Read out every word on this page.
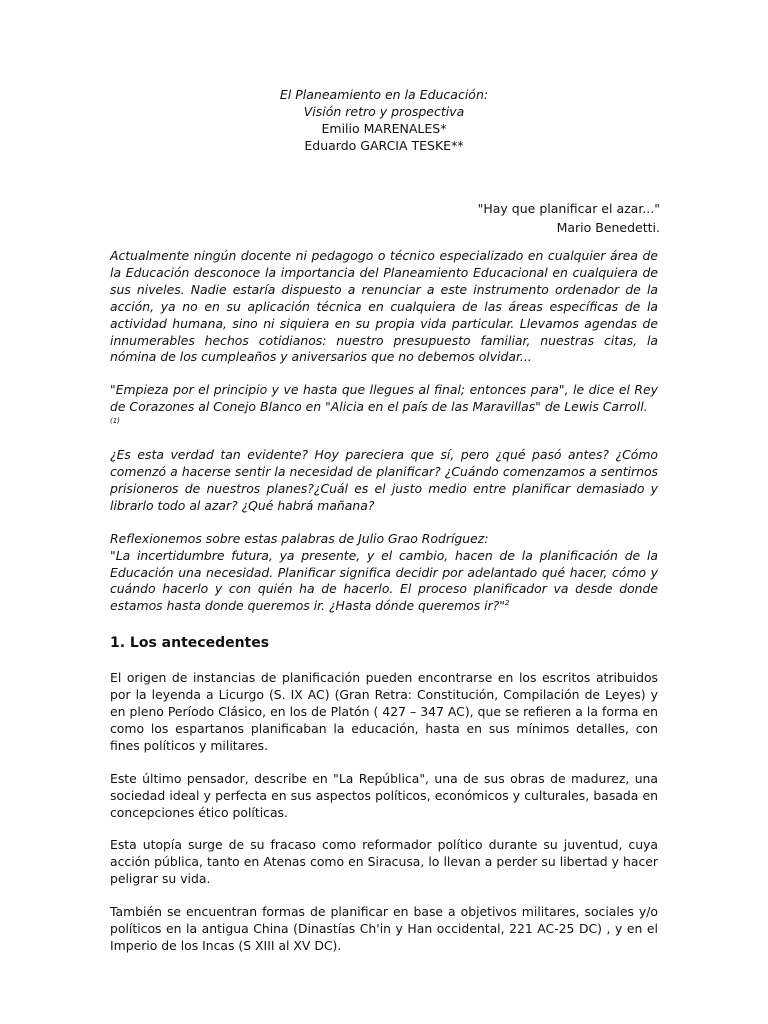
El Planeamiento en la Educación:
Visión retro y prospectiva
Emilio MARENALES*
Eduardo GARCIA TESKE**
"Hay que planificar el azar..."
Mario Benedetti.

Actualmente ningún docente ni pedagogo o técnico especializado en cualquier área de la Educación desconoce la importancia del Planeamiento Educacional en cualquiera de sus niveles. Nadie estaría dispuesto a renunciar a este instrumento ordenador de la acción, ya no en su aplicación técnica en cualquiera de las áreas específicas de la actividad humana, sino ni siquiera en su propia vida particular. Llevamos agendas de innumerables hechos cotidianos: nuestro presupuesto familiar, nuestras citas, la nómina de los cumpleaños y aniversarios que no debemos olvidar...

"Empieza por el principio y ve hasta que llegues al final; entonces para", le dice el Rey de Corazones al Conejo Blanco en "Alicia en el país de las Maravillas" de Lewis Carroll.
$^{(1)}$

¿Es esta verdad tan evidente? Hoy pareciera que sí, pero ¿qué pasó antes? ¿Cómo comenzó a hacerse sentir la necesidad de planificar? ¿Cuándo comenzamos a sentirnos prisioneros de nuestros planes?¿Cuál es el justo medio entre planificar demasiado y librarlo todo al azar? ¿Qué habrá mañana?

Reflexionemos sobre estas palabras de Julio Grao Rodríguez:

"La incertidumbre futura, ya presente, y el cambio, hacen de la planificación de la Educación una necesidad. Planificar significa decidir por adelantado qué hacer, cómo y cuándo hacerlo y con quién ha de hacerlo. El proceso planificador va desde donde estamos hasta donde queremos ir. ¿Hasta dónde queremos ir?"$^2$

1. Los antecedentes

El origen de instancias de planificación pueden encontrarse en los escritos atribuidos por la leyenda a Licurgo (S. IX AC) (Gran Retra: Constitución, Compilación de Leyes) y en pleno Período Clásico, en los de Platón ( 427 – 347 AC), que se refieren a la forma en como los espartanos planificaban la educación, hasta en sus mínimos detalles, con fines políticos y militares.

Este último pensador, describe en "La República", una de sus obras de madurez, una sociedad ideal y perfecta en sus aspectos políticos, económicos y culturales, basada en concepciones ético políticas.

Esta utopía surge de su fracaso como reformador político durante su juventud, cuya acción pública, tanto en Atenas como en Siracusa, lo llevan a perder su libertad y hacer peligrar su vida.

También se encuentran formas de planificar en base a objetivos militares, sociales y/o políticos en la antigua China (Dinastías Ch'in y Han occidental, 221 AC-25 DC) , y en el Imperio de los Incas (S XIII al XV DC).
